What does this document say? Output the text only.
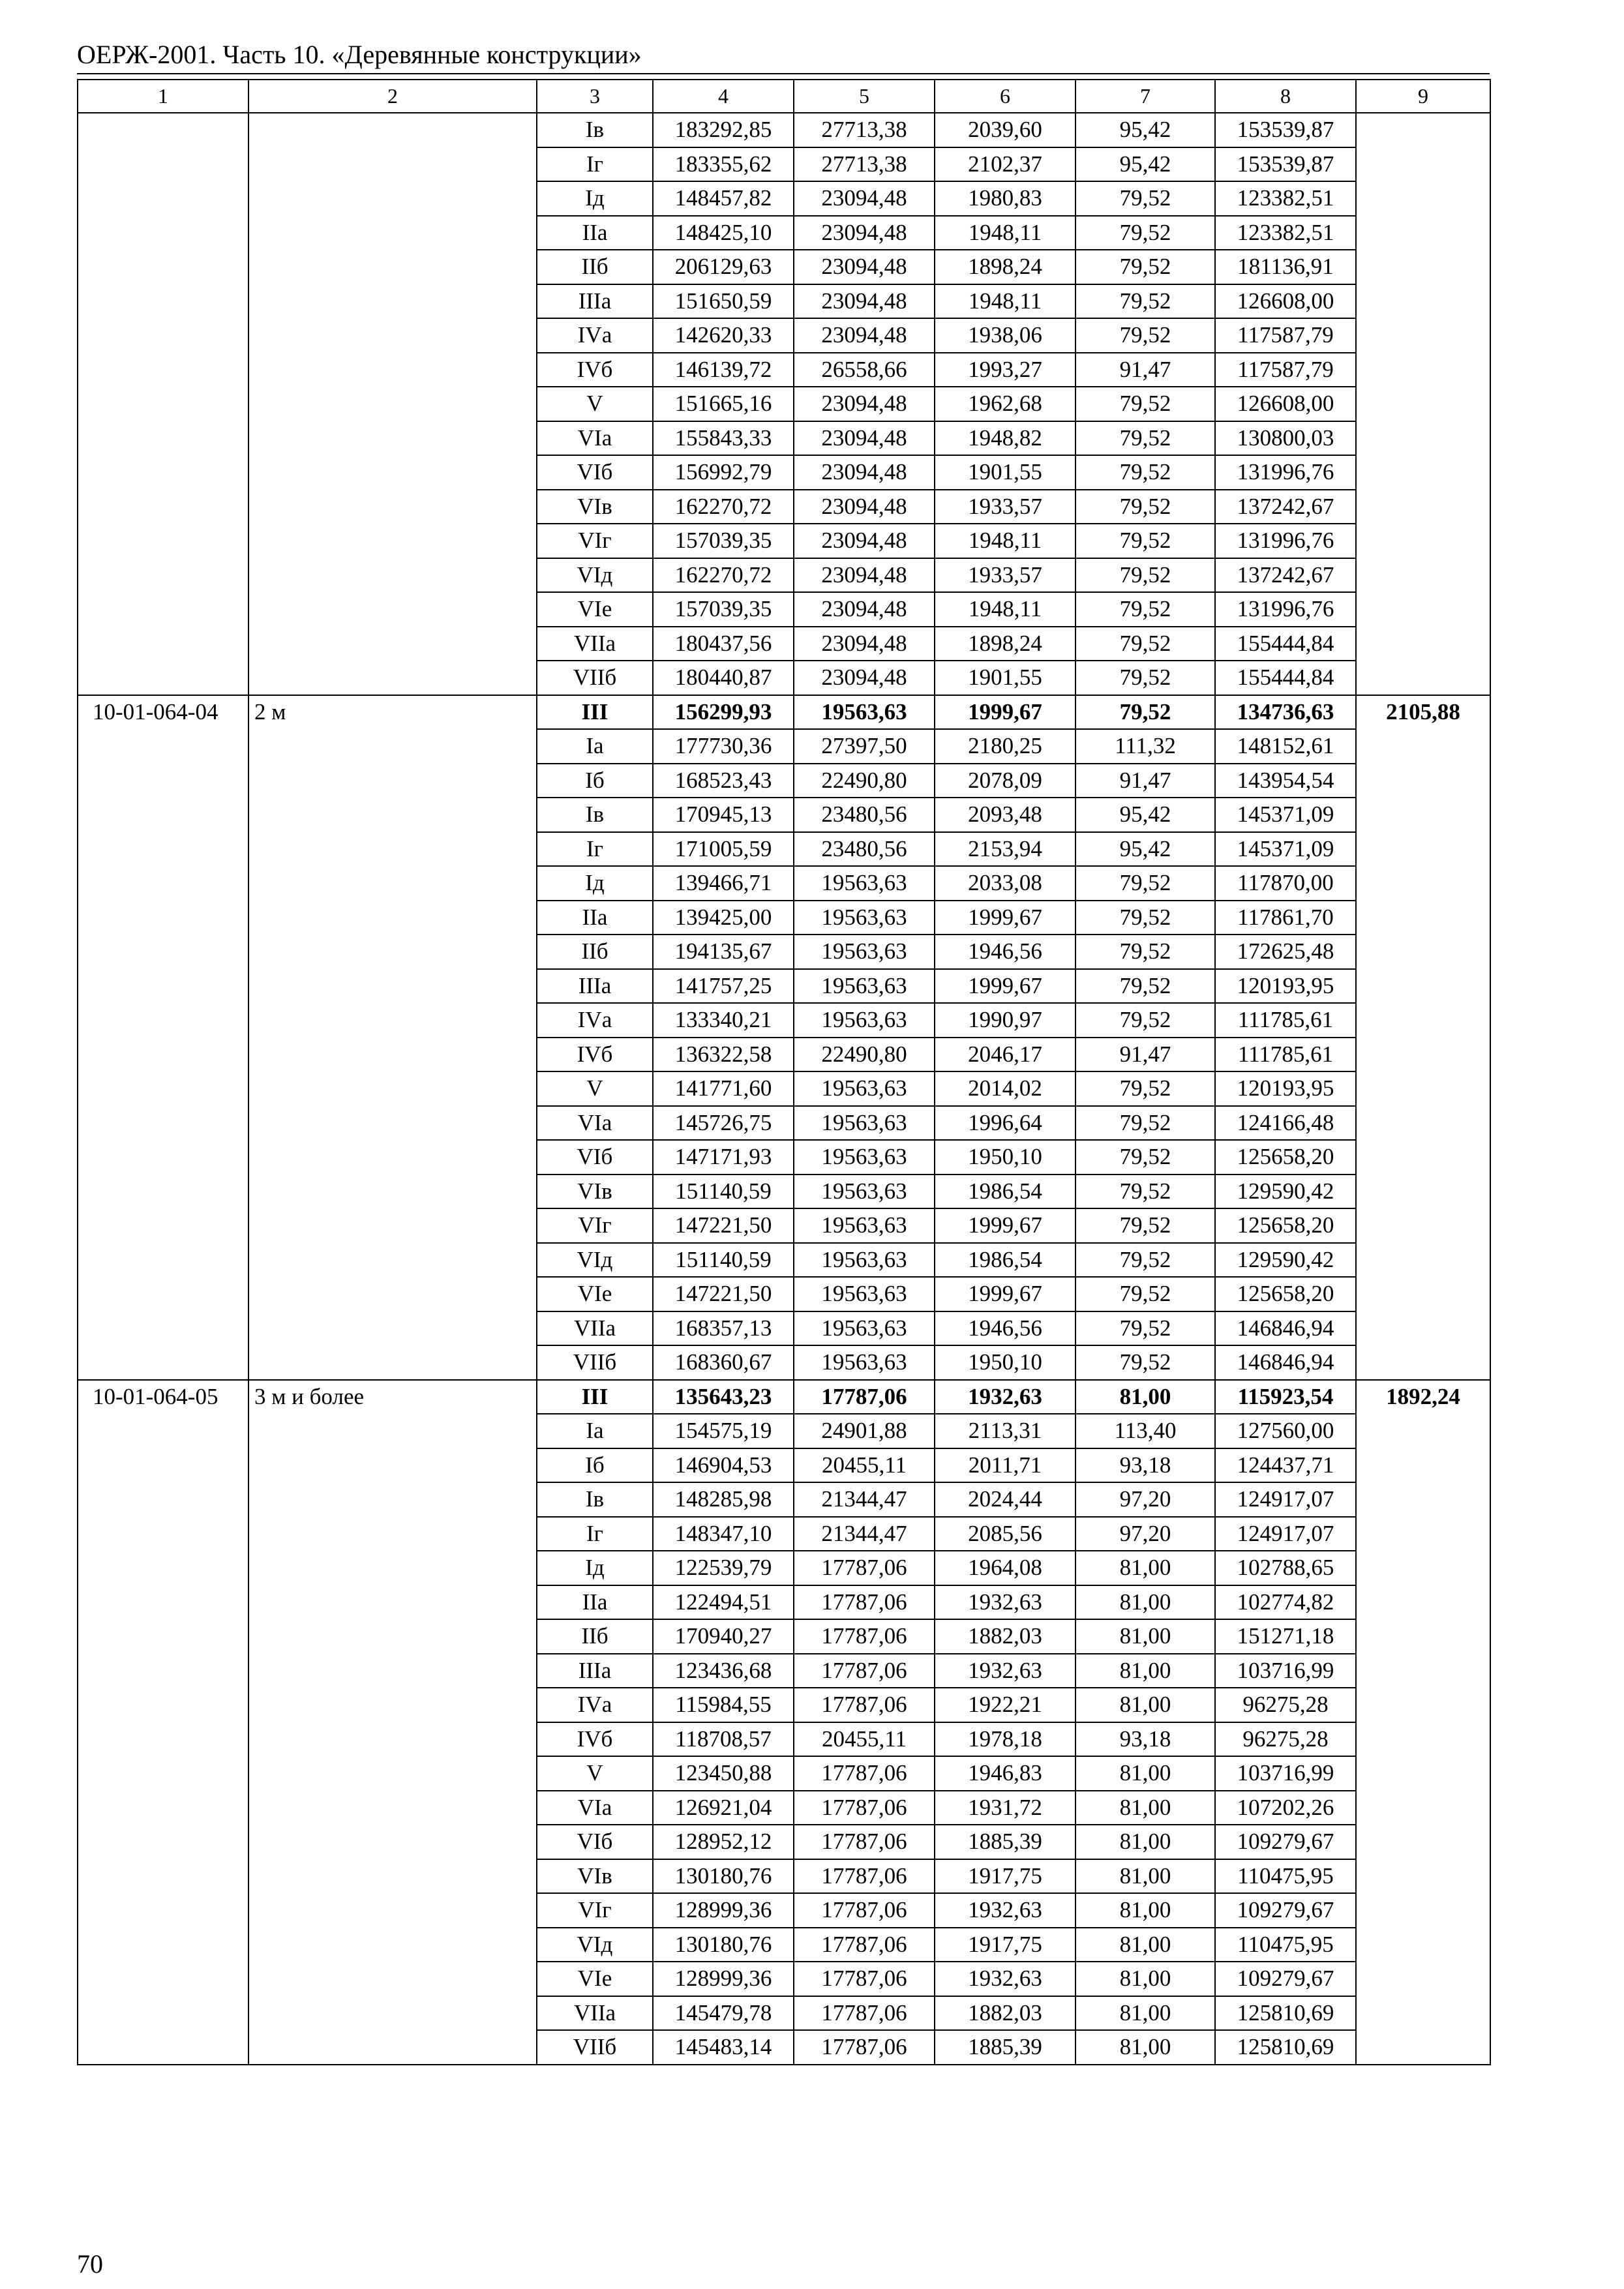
ОЕРЖ-2001. Часть 10. «Деревянные конструкции»
1	2	3	4	5	6	7	8	9
		Iв	183292,85	27713,38	2039,60	95,42	153539,87	
		Iг	183355,62	27713,38	2102,37	95,42	153539,87	
		Iд	148457,82	23094,48	1980,83	79,52	123382,51	
		IIа	148425,10	23094,48	1948,11	79,52	123382,51	
		IIб	206129,63	23094,48	1898,24	79,52	181136,91	
		IIIа	151650,59	23094,48	1948,11	79,52	126608,00	
		IVа	142620,33	23094,48	1938,06	79,52	117587,79	
		IVб	146139,72	26558,66	1993,27	91,47	117587,79	
		V	151665,16	23094,48	1962,68	79,52	126608,00	
		VIа	155843,33	23094,48	1948,82	79,52	130800,03	
		VIб	156992,79	23094,48	1901,55	79,52	131996,76	
		VIв	162270,72	23094,48	1933,57	79,52	137242,67	
		VIг	157039,35	23094,48	1948,11	79,52	131996,76	
		VIд	162270,72	23094,48	1933,57	79,52	137242,67	
		VIе	157039,35	23094,48	1948,11	79,52	131996,76	
		VIIа	180437,56	23094,48	1898,24	79,52	155444,84	
		VIIб	180440,87	23094,48	1901,55	79,52	155444,84	
10-01-064-04	2 м	III	156299,93	19563,63	1999,67	79,52	134736,63	2105,88
		Iа	177730,36	27397,50	2180,25	111,32	148152,61	
		Iб	168523,43	22490,80	2078,09	91,47	143954,54	
		Iв	170945,13	23480,56	2093,48	95,42	145371,09	
		Iг	171005,59	23480,56	2153,94	95,42	145371,09	
		Iд	139466,71	19563,63	2033,08	79,52	117870,00	
		IIа	139425,00	19563,63	1999,67	79,52	117861,70	
		IIб	194135,67	19563,63	1946,56	79,52	172625,48	
		IIIа	141757,25	19563,63	1999,67	79,52	120193,95	
		IVа	133340,21	19563,63	1990,97	79,52	111785,61	
		IVб	136322,58	22490,80	2046,17	91,47	111785,61	
		V	141771,60	19563,63	2014,02	79,52	120193,95	
		VIа	145726,75	19563,63	1996,64	79,52	124166,48	
		VIб	147171,93	19563,63	1950,10	79,52	125658,20	
		VIв	151140,59	19563,63	1986,54	79,52	129590,42	
		VIг	147221,50	19563,63	1999,67	79,52	125658,20	
		VIд	151140,59	19563,63	1986,54	79,52	129590,42	
		VIе	147221,50	19563,63	1999,67	79,52	125658,20	
		VIIа	168357,13	19563,63	1946,56	79,52	146846,94	
		VIIб	168360,67	19563,63	1950,10	79,52	146846,94	
10-01-064-05	3 м и более	III	135643,23	17787,06	1932,63	81,00	115923,54	1892,24
		Iа	154575,19	24901,88	2113,31	113,40	127560,00	
		Iб	146904,53	20455,11	2011,71	93,18	124437,71	
		Iв	148285,98	21344,47	2024,44	97,20	124917,07	
		Iг	148347,10	21344,47	2085,56	97,20	124917,07	
		Iд	122539,79	17787,06	1964,08	81,00	102788,65	
		IIа	122494,51	17787,06	1932,63	81,00	102774,82	
		IIб	170940,27	17787,06	1882,03	81,00	151271,18	
		IIIа	123436,68	17787,06	1932,63	81,00	103716,99	
		IVа	115984,55	17787,06	1922,21	81,00	96275,28	
		IVб	118708,57	20455,11	1978,18	93,18	96275,28	
		V	123450,88	17787,06	1946,83	81,00	103716,99	
		VIа	126921,04	17787,06	1931,72	81,00	107202,26	
		VIб	128952,12	17787,06	1885,39	81,00	109279,67	
		VIв	130180,76	17787,06	1917,75	81,00	110475,95	
		VIг	128999,36	17787,06	1932,63	81,00	109279,67	
		VIд	130180,76	17787,06	1917,75	81,00	110475,95	
		VIе	128999,36	17787,06	1932,63	81,00	109279,67	
		VIIа	145479,78	17787,06	1882,03	81,00	125810,69	
		VIIб	145483,14	17787,06	1885,39	81,00	125810,69	
70
